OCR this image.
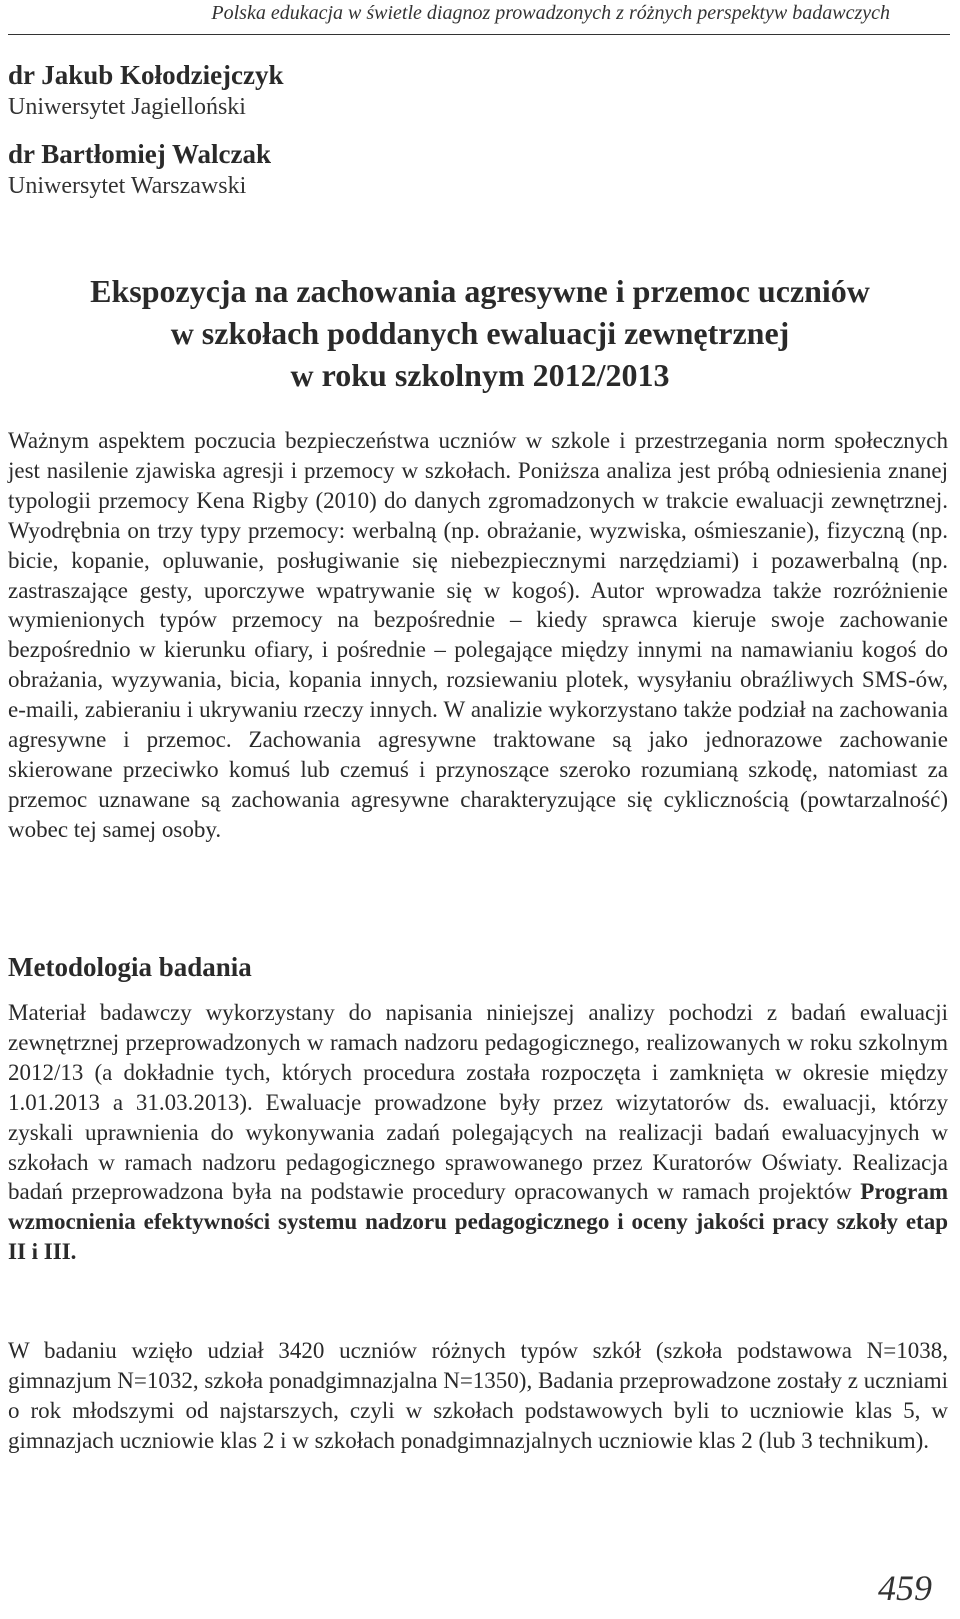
Polska edukacja w świetle diagnoz prowadzonych z różnych perspektyw badawczych

dr Jakub Kołodziejczyk

Uniwersytet Jagielloński

dr Bartłomiej Walczak

Uniwersytet Warszawski

Ekspozycja na zachowania agresywne i przemoc uczniów
w szkołach poddanych ewaluacji zewnętrznej
w roku szkolnym 2012/2013

Ważnym aspektem poczucia bezpieczeństwa uczniów w szkole i przestrzegania norm społecznych jest nasilenie zjawiska agresji i przemocy w szkołach. Poniższa analiza jest próbą odniesienia znanej typologii przemocy Kena Rigby (2010) do danych zgromadzonych w trakcie ewaluacji zewnętrznej. Wyodrębnia on trzy typy przemocy: werbalną (np. obrażanie, wyzwiska, ośmieszanie), fizyczną (np. bicie, kopanie, opluwanie, posługiwanie się niebezpiecznymi narzędziami) i pozawerbalną (np. zastraszające gesty, uporczywe wpatrywanie się w kogoś). Autor wprowadza także rozróżnienie wymienionych typów przemocy na bezpośrednie – kiedy sprawca kieruje swoje zachowanie bezpośrednio w kierunku ofiary, i pośrednie – polegające między innymi na namawianiu kogoś do obrażania, wyzywania, bicia, kopania innych, rozsiewaniu plotek, wysyłaniu obraźliwych SMS-ów, e-maili, zabieraniu i ukrywaniu rzeczy innych. W analizie wykorzystano także podział na zachowania agresywne i przemoc. Zachowania agresywne traktowane są jako jednorazowe zachowanie skierowane przeciwko komuś lub czemuś i przynoszące szeroko rozumianą szkodę, natomiast za przemoc uznawane są zachowania agresywne charakteryzujące się cyklicznością (powtarzalność) wobec tej samej osoby.

Metodologia badania

Materiał badawczy wykorzystany do napisania niniejszej analizy pochodzi z badań ewaluacji zewnętrznej przeprowadzonych w ramach nadzoru pedagogicznego, realizowanych w roku szkolnym 2012/13 (a dokładnie tych, których procedura została rozpoczęta i zamknięta w okresie między 1.01.2013 a 31.03.2013). Ewaluacje prowadzone były przez wizytatorów ds. ewaluacji, którzy zyskali uprawnienia do wykonywania zadań polegających na realizacji badań ewaluacyjnych w szkołach w ramach nadzoru pedagogicznego sprawowanego przez Kuratorów Oświaty. Realizacja badań przeprowadzona była na podstawie procedury opracowanych w ramach projektów Program wzmocnienia efektywności systemu nadzoru pedagogicznego i oceny jakości pracy szkoły etap II i III.

W badaniu wzięło udział 3420 uczniów różnych typów szkół (szkoła podstawowa N=1038, gimnazjum N=1032, szkoła ponadgimnazjalna N=1350), Badania przeprowadzone zostały z uczniami o rok młodszymi od najstarszych, czyli w szkołach podstawowych byli to uczniowie klas 5, w gimnazjach uczniowie klas 2 i w szkołach ponadgimnazjalnych uczniowie klas 2 (lub 3 technikum).

459
